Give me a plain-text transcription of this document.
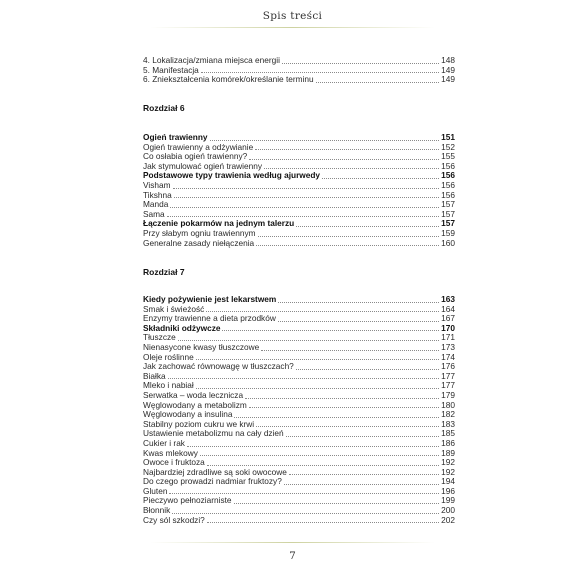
Spis treści
4. Lokalizacja/zmiana miejsca energii	148
5. Manifestacja	149
6. Zniekształcenia komórek/określanie terminu	149
Rozdział 6
Ogień trawienny	151
Ogień trawienny a odżywianie	152
Co osłabia ogień trawienny?	155
Jak stymulować ogień trawienny	156
Podstawowe typy trawienia według ajurwedy	156
Visham	156
Tikshna	156
Manda	157
Sama	157
Łączenie pokarmów na jednym talerzu	157
Przy słabym ogniu trawiennym	159
Generalne zasady niełączenia	160
Rozdział 7
Kiedy pożywienie jest lekarstwem	163
Smak i świeżość	164
Enzymy trawienne a dieta przodków	167
Składniki odżywcze	170
Tłuszcze	171
Nienasycone kwasy tłuszczowe	173
Oleje roślinne	174
Jak zachować równowagę w tłuszczach?	176
Białka	177
Mleko i nabiał	177
Serwatka – woda lecznicza	179
Węglowodany a metabolizm	180
Węglowodany a insulina	182
Stabilny poziom cukru we krwi	183
Ustawienie metabolizmu na cały dzień	185
Cukier i rak	186
Kwas mlekowy	189
Owoce i fruktoza	192
Najbardziej zdradliwe są soki owocowe	192
Do czego prowadzi nadmiar fruktozy?	194
Gluten	196
Pieczywo pełnoziarniste	199
Błonnik	200
Czy sól szkodzi?	202
7
